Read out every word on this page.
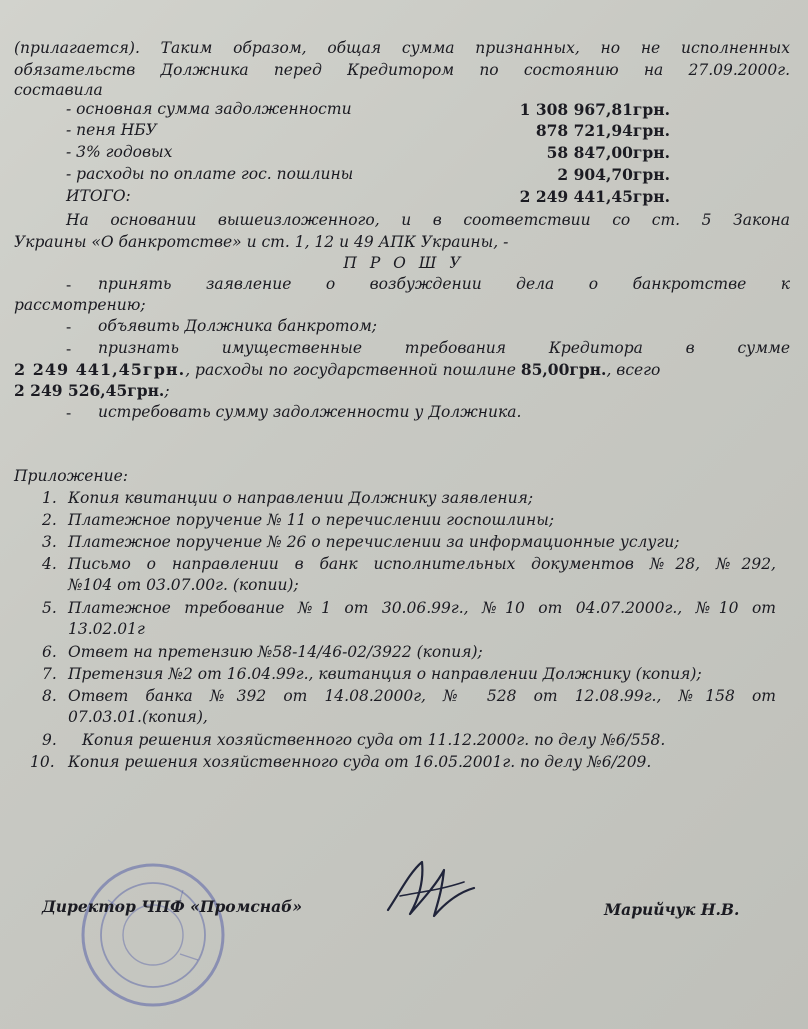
(прилагается). Таким образом, общая сумма признанных, но не исполненных
обязательств Должника перед Кредитором по состоянию на 27.09.2000г.
составила
- основная сумма задолженности	1 308 967,81грн.
- пеня НБУ	878 721,94грн.
- 3% годовых	58 847,00грн.
- расходы по оплате гос. пошлины	2 904,70грн.
ИТОГО:	2 249 441,45грн.
На основании вышеизложенного, и в соответствии со ст. 5 Закона
Украины «О банкротстве» и ст. 1, 12 и 49 АПК Украины, -
П Р О Ш У
- принять заявление о возбуждении дела о банкротстве к
рассмотрению;
- объявить Должника банкротом;
- признать имущественные требования Кредитора в сумме
2 249 441,45грн., расходы по государственной пошлине 85,00грн., всего
2 249 526,45грн.;
- истребовать сумму задолженности у Должника.
Приложение:
1. Копия квитанции о направлении Должнику заявления;
2. Платежное поручение № 11 о перечислении госпошлины;
3. Платежное поручение № 26 о перечислении за информационные услуги;
4. Письмо о направлении в банк исполнительных документов №28, №292,
№104 от 03.07.00г. (копии);
5. Платежное требование №1 от 30.06.99г., №10 от 04.07.2000г., №10 от
13.02.01г
6. Ответ на претензию №58-14/46-02/3922 (копия);
7. Претензия №2 от 16.04.99г., квитанция о направлении Должнику (копия);
8. Ответ банка №392 от 14.08.2000г, № 528 от 12.08.99г., №158 от
07.03.01.(копия),
9. Копия решения хозяйственного суда от 11.12.2000г. по делу №6/558.
10. Копия решения хозяйственного суда от 16.05.2001г. по делу №6/209.
Директор ЧПФ «Промснаб»	Марийчук Н.В.
